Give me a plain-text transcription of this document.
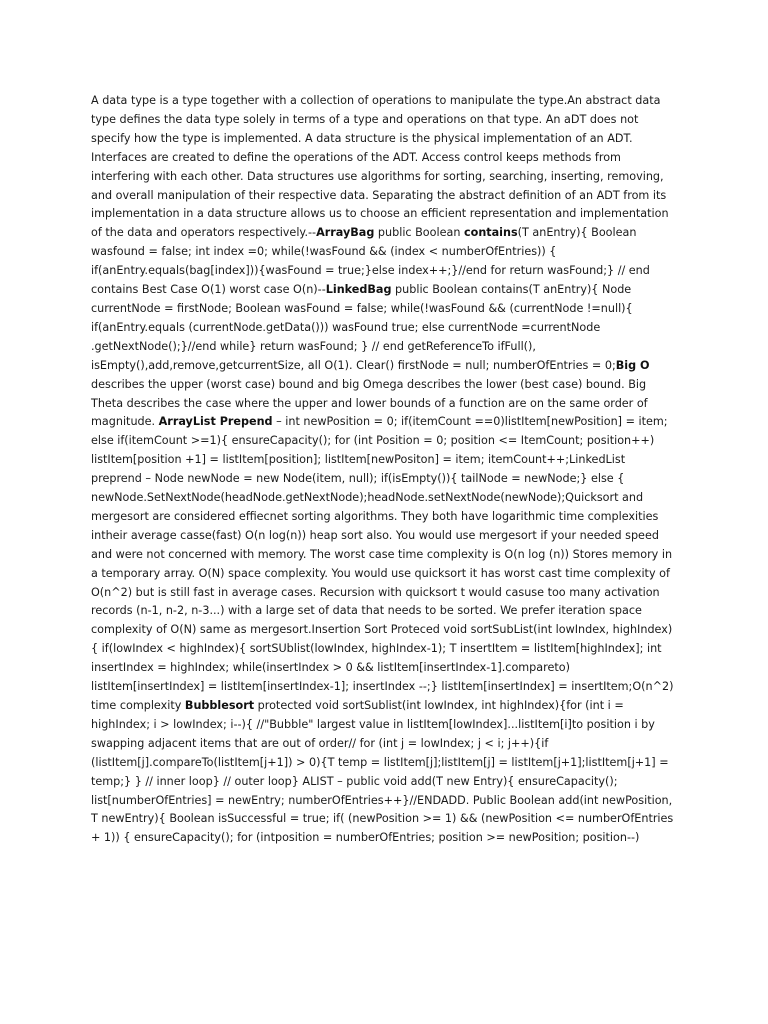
A data type is a type together with a collection of operations to manipulate the type.An abstract data type defines the data type solely in terms of a type and operations on that type. An aDT does not specify how the type is implemented. A data structure is the physical implementation of an ADT. Interfaces are created to define the operations of the ADT. Access control keeps methods from interfering with each other. Data structures use algorithms for sorting, searching, inserting, removing, and overall manipulation of their respective data. Separating the abstract definition of an ADT from its implementation in a data structure allows us to choose an efficient representation and implementation of the data and operators respectively.--ArrayBag public Boolean contains(T anEntry){ Boolean wasfound = false; int index =0; while(!wasFound && (index < numberOfEntries)) { if(anEntry.equals(bag[index])){wasFound = true;}else index++;}//end for return wasFound;} // end contains Best Case O(1) worst case O(n)--LinkedBag public Boolean contains(T anEntry){ Node currentNode = firstNode; Boolean wasFound = false; while(!wasFound && (currentNode !=null){ if(anEntry.equals (currentNode.getData())) wasFound true; else currentNode =currentNode .getNextNode();}//end while} return wasFound; } // end getReferenceTo ifFull(), isEmpty(),add,remove,getcurrentSize, all O(1). Clear() firstNode = null; numberOfEntries = 0;Big O describes the upper (worst case) bound and big Omega describes the lower (best case) bound. Big Theta describes the case where the upper and lower bounds of a function are on the same order of magnitude. ArrayList Prepend – int newPosition = 0; if(itemCount ==0)listItem[newPosition] = item; else if(itemCount >=1){ ensureCapacity(); for (int Position = 0; position <= ItemCount; position++) listItem[position +1] = listItem[position]; listItem[newPositon] = item; itemCount++;LinkedList preprend – Node newNode = new Node(item, null); if(isEmpty()){ tailNode = newNode;} else { newNode.SetNextNode(headNode.getNextNode);headNode.setNextNode(newNode);Quicksort and mergesort are considered effiecnet sorting algorithms. They both have logarithmic time complexities intheir average casse(fast) O(n log(n)) heap sort also. You would use mergesort if your needed speed and were not concerned with memory. The worst case time complexity is O(n log (n)) Stores memory in a temporary array. O(N) space complexity. You would use quicksort it has worst cast time complexity of O(n^2) but is still fast in average cases. Recursion with quicksort t would casuse too many activation records (n-1, n-2, n-3...) with a large set of data that needs to be sorted. We prefer iteration space complexity of O(N) same as mergesort.Insertion Sort Proteced void sortSubList(int lowIndex, highIndex){ if(lowIndex < highIndex){ sortSUblist(lowIndex, highIndex-1); T insertItem = listItem[highIndex]; int insertIndex = highIndex; while(insertIndex > 0 && listItem[insertIndex-1].compareto) listItem[insertIndex] = listItem[insertIndex-1]; insertIndex --;} listItem[insertIndex] = insertItem;O(n^2) time complexity Bubblesort protected void sortSublist(int lowIndex, int highIndex){for (int i = highIndex; i > lowIndex; i--){ //"Bubble" largest value in listItem[lowIndex]...listItem[i]to position i by swapping adjacent items that are out of order// for (int j = lowIndex; j < i; j++){if (listItem[j].compareTo(listItem[j+1]) > 0){T temp = listItem[j];listItem[j] = listItem[j+1];listItem[j+1] = temp;} } // inner loop} // outer loop} ALIST – public void add(T new Entry){ ensureCapacity(); list[numberOfEntries] = newEntry; numberOfEntries++}//ENDADD. Public Boolean add(int newPosition, T newEntry){ Boolean isSuccessful = true; if( (newPosition >= 1) && (newPosition <= numberOfEntries + 1)) { ensureCapacity(); for (intposition = numberOfEntries; position >= newPosition; position--)
